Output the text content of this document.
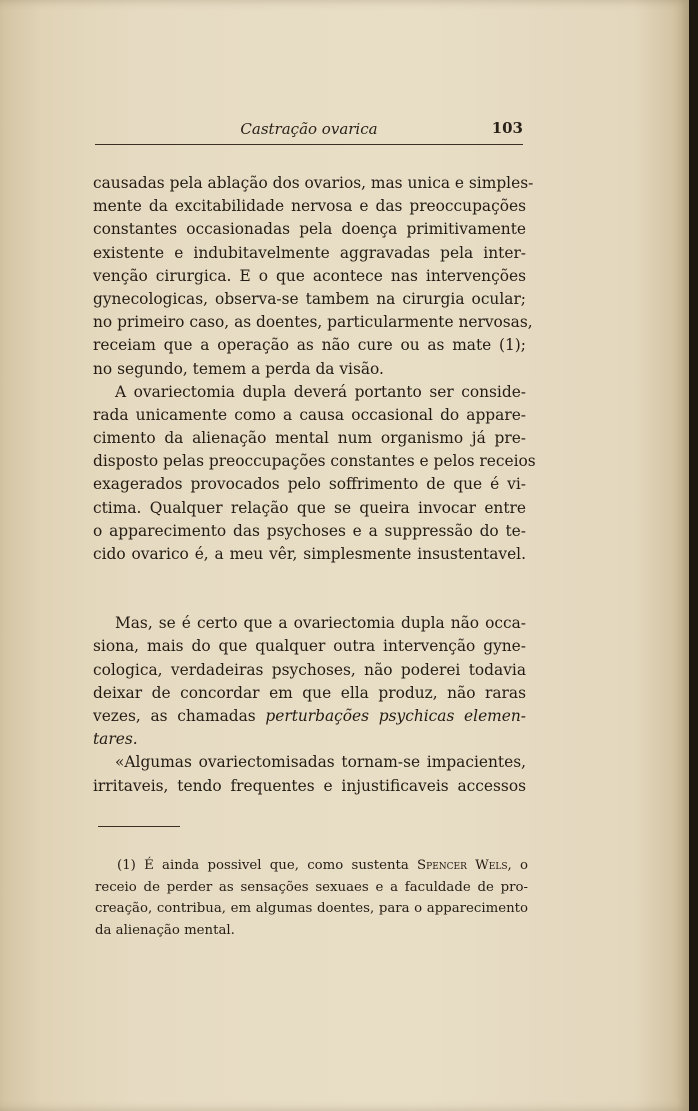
Castração ovarica	103
causadas pela ablação dos ovarios, mas unica e simples-
mente da excitabilidade nervosa e das preoccupações
constantes occasionadas pela doença primitivamente
existente e indubitavelmente aggravadas pela inter-
venção cirurgica. E o que acontece nas intervenções
gynecologicas, observa-se tambem na cirurgia ocular;
no primeiro caso, as doentes, particularmente nervosas,
receiam que a operação as não cure ou as mate (1);
no segundo, temem a perda da visão.
A ovariectomia dupla deverá portanto ser conside-
rada unicamente como a causa occasional do appare-
cimento da alienação mental num organismo já pre-
disposto pelas preoccupações constantes e pelos receios
exagerados provocados pelo soffrimento de que é vi-
ctima. Qualquer relação que se queira invocar entre
o apparecimento das psychoses e a suppressão do te-
cido ovarico é, a meu vêr, simplesmente insustentavel.
Mas, se é certo que a ovariectomia dupla não occa-
siona, mais do que qualquer outra intervenção gyne-
cologica, verdadeiras psychoses, não poderei todavia
deixar de concordar em que ella produz, não raras
vezes, as chamadas perturbações psychicas elemen-
tares.
«Algumas ovariectomisadas tornam-se impacientes,
irritaveis, tendo frequentes e injustificaveis accessos
(1) É ainda possivel que, como sustenta Spencer Wels, o
receio de perder as sensações sexuaes e a faculdade de pro-
creação, contribua, em algumas doentes, para o apparecimento
da alienação mental.
